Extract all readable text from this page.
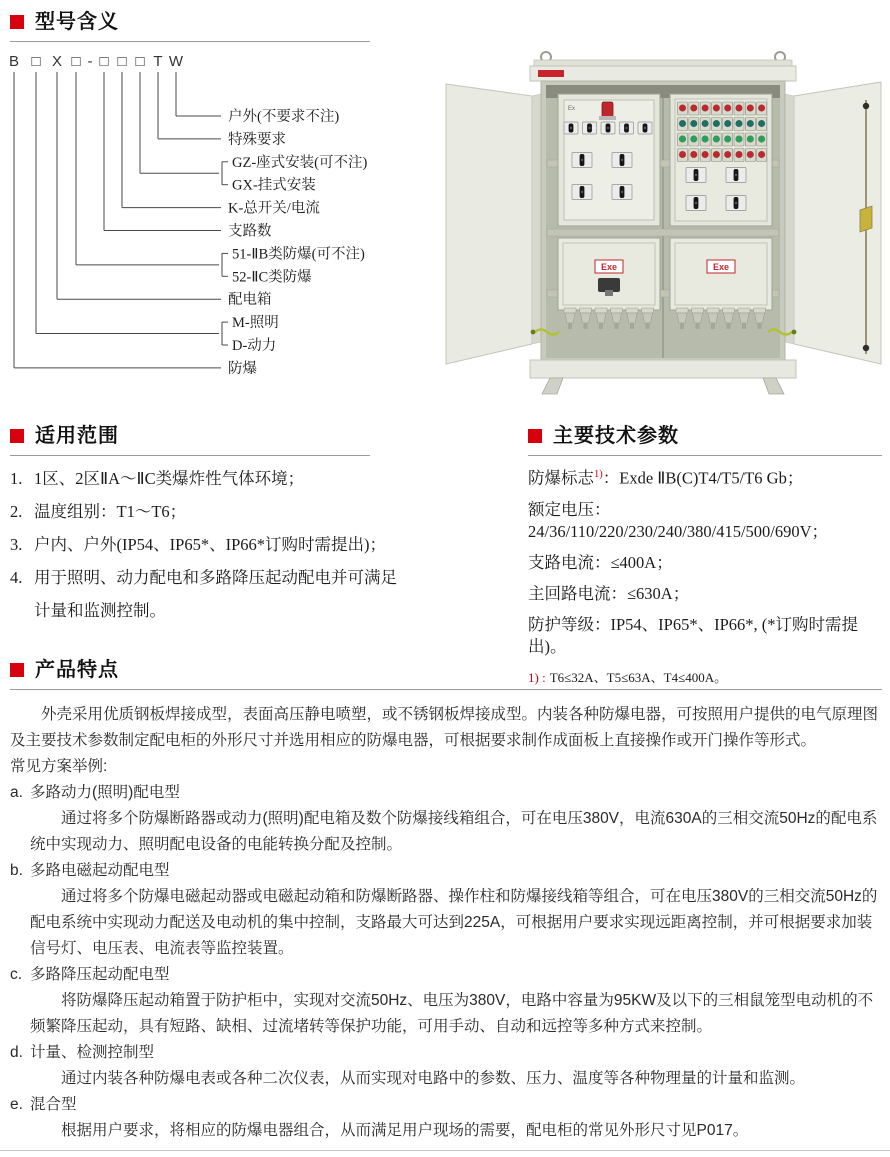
型号含义
B □ X □ - □ □ □ T W
户外(不要求不注)
特殊要求
GZ-座式安装(可不注)
GX-挂式安装
K-总开关/电流
支路数
51-ⅡB类防爆(可不注)
52-ⅡC类防爆
配电箱
M-照明
D-动力
防爆
Ex
Exe	Exe
适用范围
1. 1区、2区ⅡA～ⅡC类爆炸性气体环境；
2. 温度组别：T1～T6；
3. 户内、户外(IP54、IP65*、IP66*订购时需提出)；
4. 用于照明、动力配电和多路降压起动配电并可满足计量和监测控制。
主要技术参数
防爆标志$^{1)}$：Exde ⅡB(C)T4/T5/T6 Gb；
额定电压：24/36/110/220/230/240/380/415/500/690V；
支路电流：≤400A；
主回路电流：≤630A；
防护等级：IP54、IP65*、IP66*, (*订购时需提出)。
1) : T6≤32A、T5≤63A、T4≤400A。
产品特点

外壳采用优质钢板焊接成型，表面高压静电喷塑，或不锈钢板焊接成型。内装各种防爆电器，可按照用户提供的电气原理图及主要技术参数制定配电柜的外形尺寸并选用相应的防爆电器，可根据要求制作成面板上直接操作或开门操作等形式。

常见方案举例:

a. 多路动力(照明)配电型

通过将多个防爆断路器或动力(照明)配电箱及数个防爆接线箱组合，可在电压380V，电流630A的三相交流50Hz的配电系统中实现动力、照明配电设备的电能转换分配及控制。

b. 多路电磁起动配电型

通过将多个防爆电磁起动器或电磁起动箱和防爆断路器、操作柱和防爆接线箱等组合，可在电压380V的三相交流50Hz的配电系统中实现动力配送及电动机的集中控制，支路最大可达到225A，可根据用户要求实现远距离控制，并可根据要求加装信号灯、电压表、电流表等监控装置。

c. 多路降压起动配电型

将防爆降压起动箱置于防护柜中，实现对交流50Hz、电压为380V，电路中容量为95KW及以下的三相鼠笼型电动机的不频繁降压起动，具有短路、缺相、过流堵转等保护功能，可用手动、自动和远控等多种方式来控制。

d. 计量、检测控制型

通过内装各种防爆电表或各种二次仪表，从而实现对电路中的参数、压力、温度等各种物理量的计量和监测。

e. 混合型

根据用户要求，将相应的防爆电器组合，从而满足用户现场的需要，配电柜的常见外形尺寸见P017。
